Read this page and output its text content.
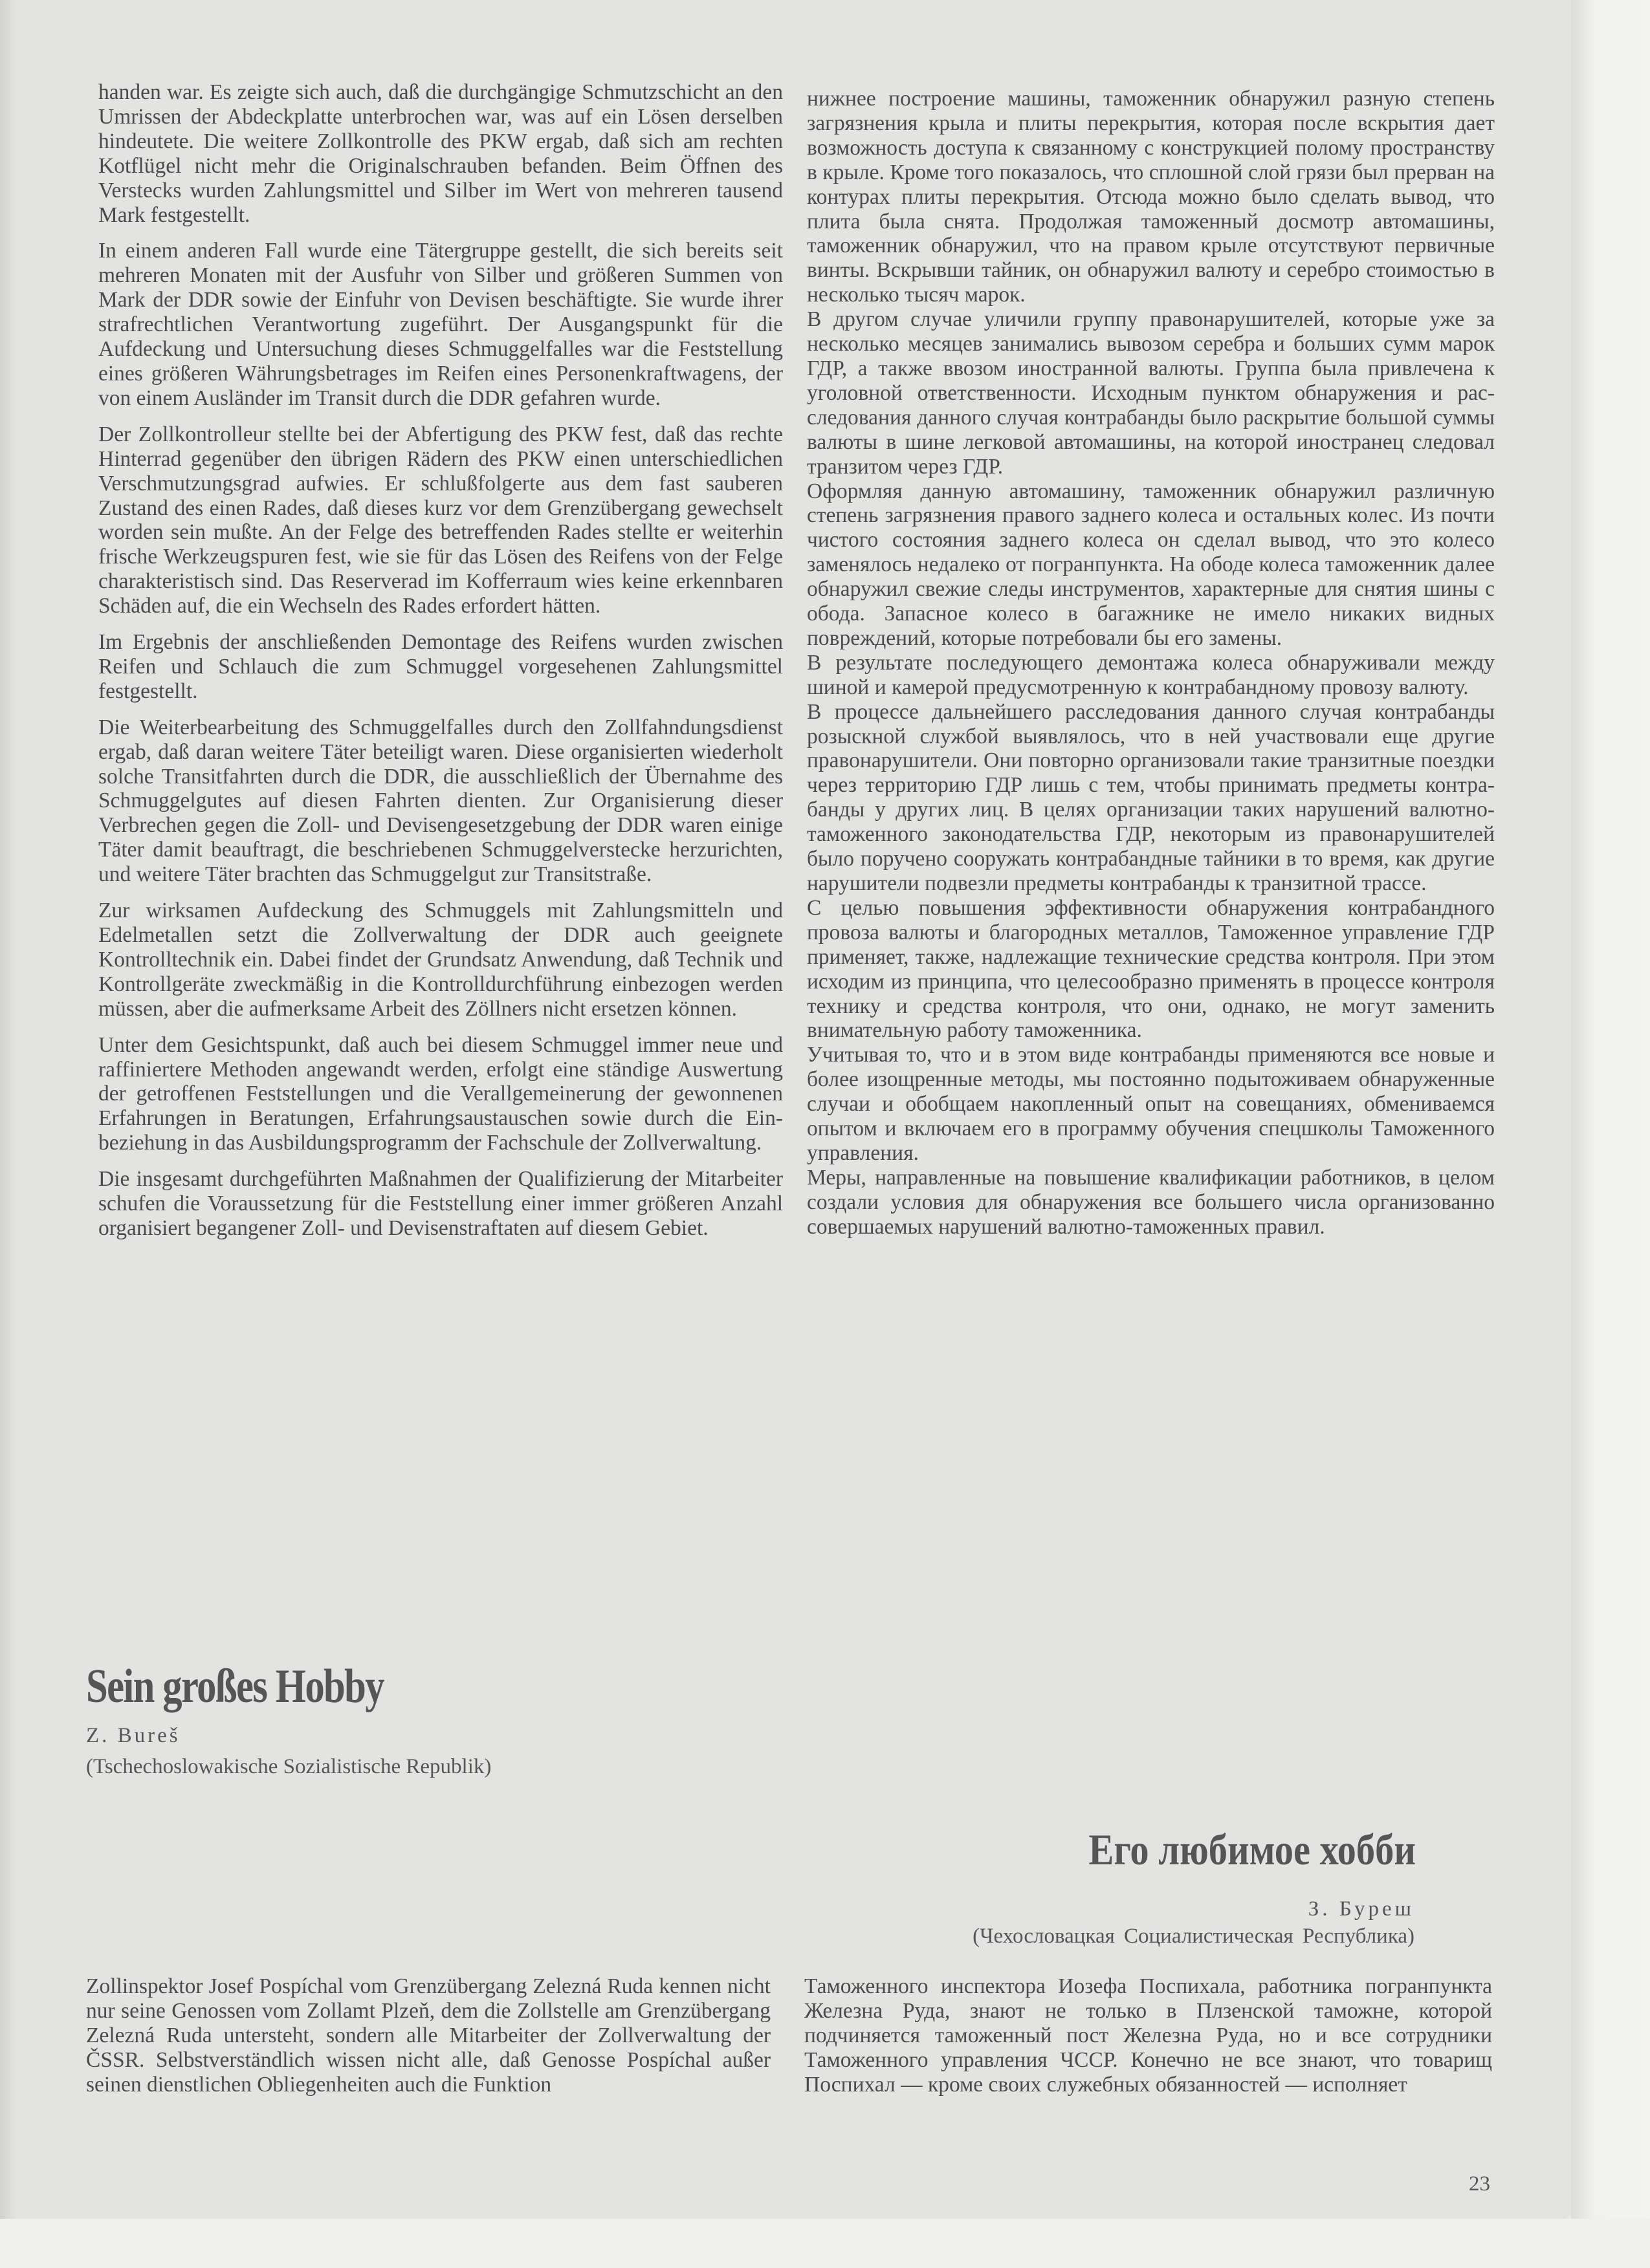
handen war. Es zeigte sich auch, daß die durchgängige Schmutzschicht an den Umrissen der Abdeckplatte unterbrochen war, was auf ein Lösen derselben hindeutete. Die weitere Zollkontrolle des PKW ergab, daß sich am rechten Kotflügel nicht mehr die Originalschrauben befanden. Beim Öffnen des Verstecks wurden Zahlungsmittel und Silber im Wert von mehreren tausend Mark festgestellt.

In einem anderen Fall wurde eine Tätergruppe gestellt, die sich bereits seit mehreren Monaten mit der Ausfuhr von Silber und größeren Summen von Mark der DDR sowie der Einfuhr von Devisen beschäftigte. Sie wurde ihrer strafrechtlichen Verantwortung zugeführt. Der Ausgangspunkt für die Aufdeckung und Untersuchung dieses Schmuggelfalles war die Feststellung eines größeren Währungsbetrages im Reifen eines Personenkraftwagens, der von einem Ausländer im Transit durch die DDR gefahren wurde.

Der Zollkontrolleur stellte bei der Abfertigung des PKW fest, daß das rechte Hinterrad gegenüber den übrigen Rädern des PKW einen unterschiedlichen Verschmutzungsgrad aufwies. Er schlußfolgerte aus dem fast sauberen Zustand des einen Rades, daß dieses kurz vor dem Grenzübergang gewechselt worden sein mußte. An der Felge des betreffenden Rades stellte er weiterhin frische Werkzeugspuren fest, wie sie für das Lösen des Reifens von der Felge charakteristisch sind. Das Reserverad im Kofferraum wies keine erkennbaren Schäden auf, die ein Wechseln des Rades erfordert hätten.

Im Ergebnis der anschließenden Demontage des Reifens wurden zwischen Reifen und Schlauch die zum Schmuggel vorgesehenen Zahlungsmittel festgestellt.

Die Weiterbearbeitung des Schmuggelfalles durch den Zollfahndungsdienst ergab, daß daran weitere Täter beteiligt waren. Diese organisierten wiederholt solche Transitfahrten durch die DDR, die ausschließlich der Übernahme des Schmuggelgutes auf diesen Fahrten dienten. Zur Organisierung dieser Verbrechen gegen die Zoll- und Devisengesetzgebung der DDR waren einige Täter damit beauftragt, die beschriebenen Schmuggelverstecke herzurichten, und weitere Täter brachten das Schmuggelgut zur Transitstraße.

Zur wirksamen Aufdeckung des Schmuggels mit Zahlungsmitteln und Edelmetallen setzt die Zollverwaltung der DDR auch geeignete Kontrolltechnik ein. Dabei findet der Grundsatz Anwendung, daß Technik und Kontrollgeräte zweckmäßig in die Kontrolldurchführung einbezogen werden müssen, aber die aufmerksame Arbeit des Zöllners nicht ersetzen können.

Unter dem Gesichtspunkt, daß auch bei diesem Schmuggel immer neue und raffiniertere Methoden angewandt werden, erfolgt eine ständige Auswertung der getroffenen Feststellungen und die Verallgemeinerung der gewonnenen Erfahrungen in Beratungen, Erfahrungsaustauschen sowie durch die Einbeziehung in das Ausbildungsprogramm der Fachschule der Zollverwaltung.

Die insgesamt durchgeführten Maßnahmen der Qualifizierung der Mitarbeiter schufen die Voraussetzung für die Feststellung einer immer größeren Anzahl organisiert begangener Zoll- und Devisenstraftaten auf diesem Gebiet.

нижнее построение машины, таможенник обнаружил разную степень загрязнения крыла и плиты перекрытия, которая после вскрытия дает возможность доступа к связанному с конструкцией полому пространству в крыле. Кроме того показалось, что сплошной слой грязи был прерван на контурах плиты перекрытия. Отсюда можно было сделать вывод, что плита была снята. Продолжая таможенный досмотр автомашины, таможенник обнаружил, что на правом крыле отсутствуют первичные винты. Вскрывши тайник, он обнаружил валюту и серебро стоимостью в несколько тысяч марок.

В другом случае уличили группу правонарушителей, которые уже за несколько месяцев занимались вывозом серебра и больших сумм марок ГДР, а также ввозом иностранной валюты. Группа была привлечена к уголовной ответственности. Исходным пунктом обнаружения и расследования данного случая контрабанды было раскрытие большой суммы валюты в шине легковой автомашины, на которой иностранец следовал транзитом через ГДР.

Оформляя данную автомашину, таможенник обнаружил различную степень загрязнения правого заднего колеса и остальных колес. Из почти чистого состояния заднего колеса он сделал вывод, что это колесо заменялось недалеко от погранпункта. На ободе колеса таможенник далее обнаружил свежие следы инструментов, характерные для снятия шины с обода. Запасное колесо в багажнике не имело никаких видных повреждений, которые потребовали бы его замены.

В результате последующего демонтажа колеса обнаруживали между шиной и камерой предусмотренную к контрабандному провозу валюту.

В процессе дальнейшего расследования данного случая контрабанды розыскной службой выявлялось, что в ней участвовали еще другие правонарушители. Они повторно организовали такие транзитные поездки через территорию ГДР лишь с тем, чтобы принимать предметы контрабанды у других лиц. В целях организации таких нарушений валютно-таможенного законодательства ГДР, некоторым из правонарушителей было поручено сооружать контрабандные тайники в то время, как другие нарушители подвезли предметы контрабанды к транзитной трассе.

С целью повышения эффективности обнаружения контрабандного провоза валюты и благородных металлов, Таможенное управление ГДР применяет, также, надлежащие технические средства контроля. При этом исходим из принципа, что целесообразно применять в процессе контроля технику и средства контроля, что они, однако, не могут заменить внимательную работу таможенника.

Учитывая то, что и в этом виде контрабанды применяются все новые и более изощренные методы, мы постоянно подытоживаем обнаруженные случаи и обобщаем накопленный опыт на совещаниях, обмениваемся опытом и включаем его в программу обучения спецшколы Таможенного управления.

Меры, направленные на повышение квалификации работников, в целом создали условия для обнаружения все большего числа организованно совершаемых нарушений валютно-таможенных правил.

Sein großes Hobby
Z. Bureš
(Tschechoslowakische Sozialistische Republik)
Его любимое хобби
З. Буреш
(Чехословацкая Социалистическая Республика)

Zollinspektor Josef Pospíchal vom Grenzübergang Zelezná Ruda kennen nicht nur seine Genossen vom Zollamt Plzeň, dem die Zollstelle am Grenzübergang Zelezná Ruda untersteht, sondern alle Mitarbeiter der Zollverwaltung der ČSSR. Selbstverständlich wissen nicht alle, daß Genosse Pospíchal außer seinen dienstlichen Obliegenheiten auch die Funktion

Таможенного инспектора Иозефа Поспихала, работника погранпункта Железна Руда, знают не только в Плзенской таможне, которой подчиняется таможенный пост Железна Руда, но и все сотрудники Таможенного управления ЧССР. Конечно не все знают, что товарищ Поспихал — кроме своих служебных обязанностей — исполняет

23
